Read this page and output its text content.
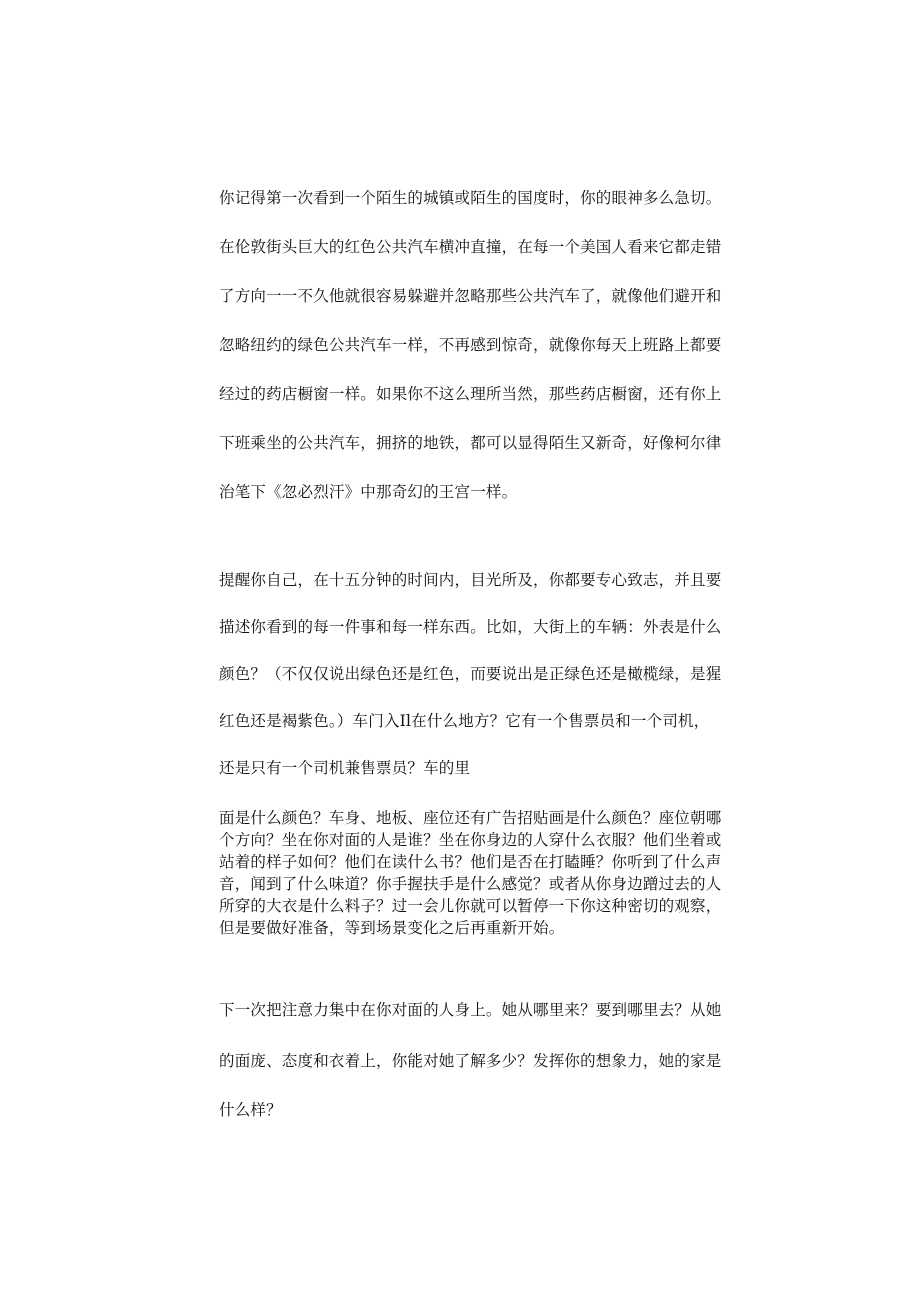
你记得第一次看到一个陌生的城镇或陌生的国度时，你的眼神多么急切。

在伦敦街头巨大的红色公共汽车横冲直撞，在每一个美国人看来它都走错

了方向一一不久他就很容易躲避并忽略那些公共汽车了，就像他们避开和

忽略纽约的绿色公共汽车一样，不再感到惊奇，就像你每天上班路上都要

经过的药店橱窗一样。如果你不这么理所当然，那些药店橱窗，还有你上

下班乘坐的公共汽车，拥挤的地铁，都可以显得陌生又新奇，好像柯尔律

治笔下《忽必烈汗》中那奇幻的王宫一样。

提醒你自己，在十五分钟的时间内，目光所及，你都要专心致志，并且要

描述你看到的每一件事和每一样东西。比如，大街上的车辆：外表是什么

颜色？（不仅仅说出绿色还是红色，而要说出是正绿色还是橄榄绿，是猩

红色还是褐紫色。）车门入Il在什么地方？它有一个售票员和一个司机，

还是只有一个司机兼售票员？车的里

面是什么颜色？车身、地板、座位还有广告招贴画是什么颜色？座位朝哪
个方向？坐在你对面的人是谁？坐在你身边的人穿什么衣服？他们坐着或
站着的样子如何？他们在读什么书？他们是否在打瞌睡？你听到了什么声
音，闻到了什么味道？你手握扶手是什么感觉？或者从你身边蹭过去的人
所穿的大衣是什么料子？过一会儿你就可以暂停一下你这种密切的观察，
但是要做好准备，等到场景变化之后再重新开始。

下一次把注意力集中在你对面的人身上。她从哪里来？要到哪里去？从她

的面庞、态度和衣着上，你能对她了解多少？发挥你的想象力，她的家是

什么样？
